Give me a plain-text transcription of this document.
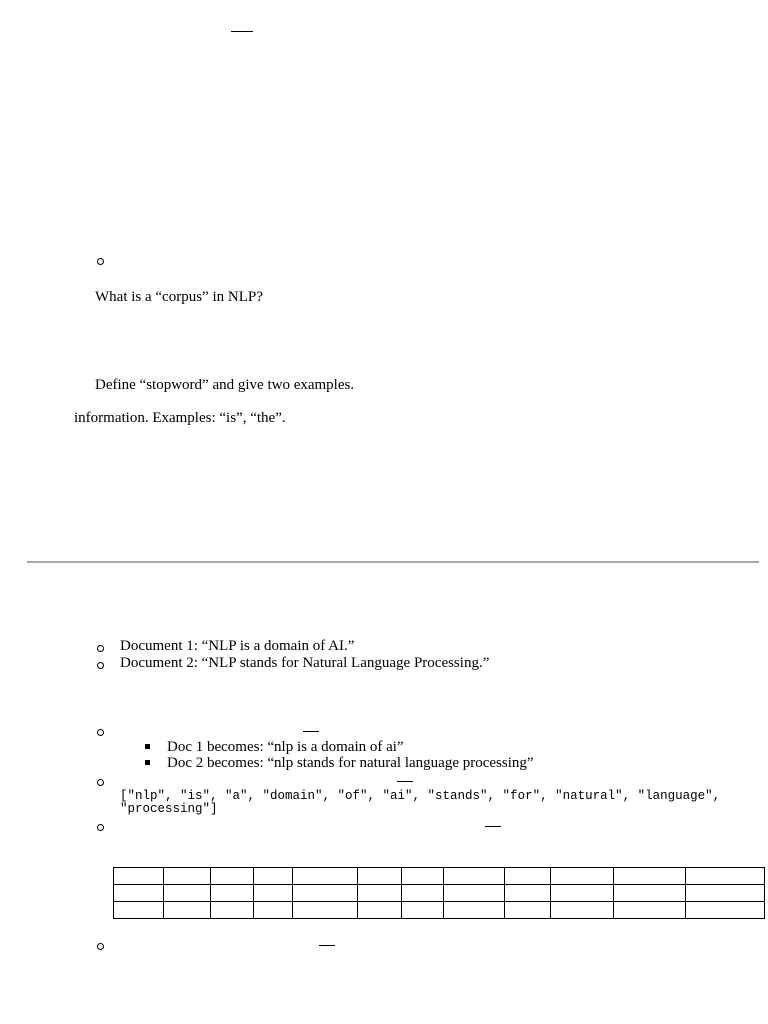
What is a “corpus” in NLP?
Define “stopword” and give two examples.
information. Examples: “is”, “the”.
Document 1: “NLP is a domain of AI.”
Document 2: “NLP stands for Natural Language Processing.”
Doc 1 becomes: “nlp is a domain of ai”
Doc 2 becomes: “nlp stands for natural language processing”
["nlp", "is", "a", "domain", "of", "ai", "stands", "for", "natural", "language",
"processing"]
